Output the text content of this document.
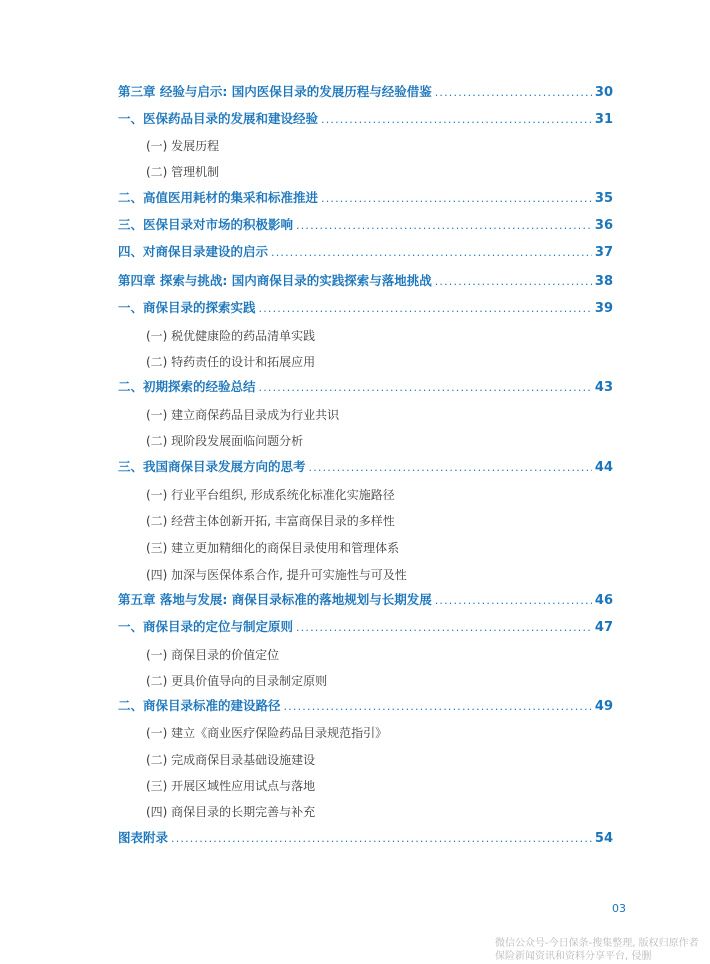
第三章 经验与启示: 国内医保目录的发展历程与经验借鉴 .....	30
一、医保药品目录的发展和建设经验 .....	31
(一) 发展历程
(二) 管理机制
二、高值医用耗材的集采和标准推进 .....	35
三、医保目录对市场的积极影响 .....	36
四、对商保目录建设的启示 .....	37
第四章 探索与挑战: 国内商保目录的实践探索与落地挑战 .....	38
一、商保目录的探索实践 .....	39
(一) 税优健康险的药品清单实践
(二) 特药责任的设计和拓展应用
二、初期探索的经验总结 .....	43
(一) 建立商保药品目录成为行业共识
(二) 现阶段发展面临问题分析
三、我国商保目录发展方向的思考 .....	44
(一) 行业平台组织, 形成系统化标准化实施路径
(二) 经营主体创新开拓, 丰富商保目录的多样性
(三) 建立更加精细化的商保目录使用和管理体系
(四) 加深与医保体系合作, 提升可实施性与可及性
第五章 落地与发展: 商保目录标准的落地规划与长期发展 .....	46
一、商保目录的定位与制定原则 .....	47
(一) 商保目录的价值定位
(二) 更具价值导向的目录制定原则
二、商保目录标准的建设路径 .....	49
(一) 建立《商业医疗保险药品目录规范指引》
(二) 完成商保目录基础设施建设
(三) 开展区域性应用试点与落地
(四) 商保目录的长期完善与补充
图表附录 .....	54
03
微信公众号-今日保条-搜集整理, 版权归原作者
保险新闻资讯和资料分享平台, 侵删
